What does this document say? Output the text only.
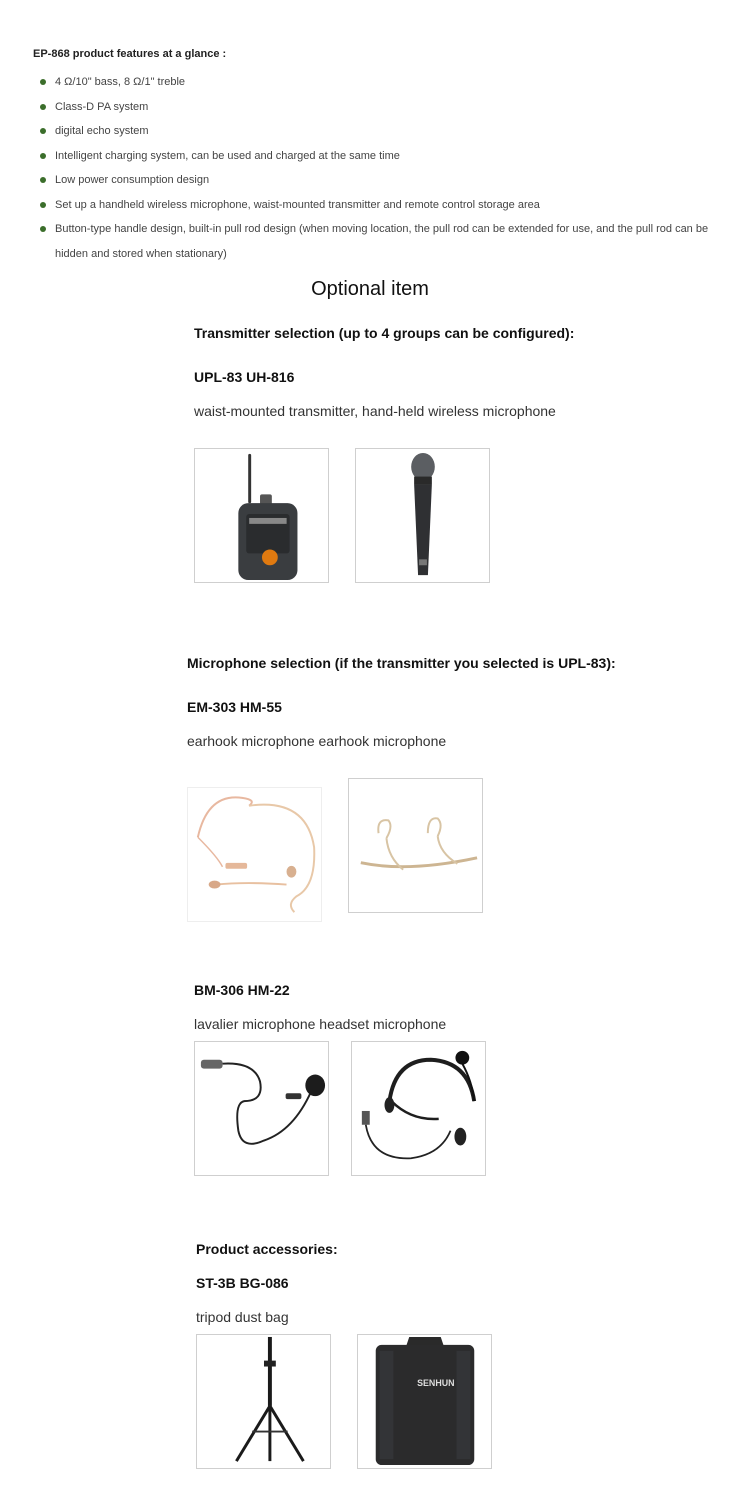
EP-868 product features at a glance :
4 Ω/10" bass, 8 Ω/1" treble
Class-D PA system
digital echo system
Intelligent charging system, can be used and charged at the same time
Low power consumption design
Set up a handheld wireless microphone, waist-mounted transmitter and remote control storage area
Button-type handle design, built-in pull rod design (when moving location, the pull rod can be extended for use, and the pull rod can be hidden and stored when stationary)
Optional item
Transmitter selection (up to 4 groups can be configured):
UPL-83 UH-816
waist-mounted transmitter, hand-held wireless microphone
Microphone selection (if the transmitter you selected is UPL-83):
EM-303 HM-55
earhook microphone earhook microphone
BM-306 HM-22
lavalier microphone headset microphone
Product accessories:
ST-3B BG-086
tripod dust bag
SENHUN
